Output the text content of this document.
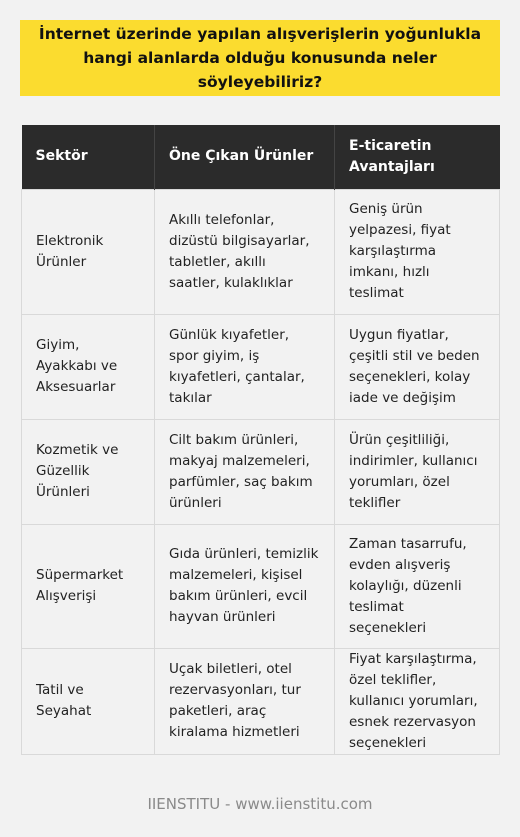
İnternet üzerinde yapılan alışverişlerin yoğunlukla hangi alanlarda olduğu konusunda neler söyleyebiliriz?
Sektör	Öne Çıkan Ürünler	E-ticaretin Avantajları
Elektronik Ürünler	Akıllı telefonlar, dizüstü bilgisayarlar, tabletler, akıllı saatler, kulaklıklar	Geniş ürün yelpazesi, fiyat karşılaştırma imkanı, hızlı teslimat
Giyim, Ayakkabı ve Aksesuarlar	Günlük kıyafetler, spor giyim, iş kıyafetleri, çantalar, takılar	Uygun fiyatlar, çeşitli stil ve beden seçenekleri, kolay iade ve değişim
Kozmetik ve Güzellik Ürünleri	Cilt bakım ürünleri, makyaj malzemeleri, parfümler, saç bakım ürünleri	Ürün çeşitliliği, indirimler, kullanıcı yorumları, özel teklifler
Süpermarket Alışverişi	Gıda ürünleri, temizlik malzemeleri, kişisel bakım ürünleri, evcil hayvan ürünleri	Zaman tasarrufu, evden alışveriş kolaylığı, düzenli teslimat seçenekleri
Tatil ve Seyahat	Uçak biletleri, otel rezervasyonları, tur paketleri, araç kiralama hizmetleri	Fiyat karşılaştırma, özel teklifler, kullanıcı yorumları, esnek rezervasyon seçenekleri
IIENSTITU - www.iienstitu.com
